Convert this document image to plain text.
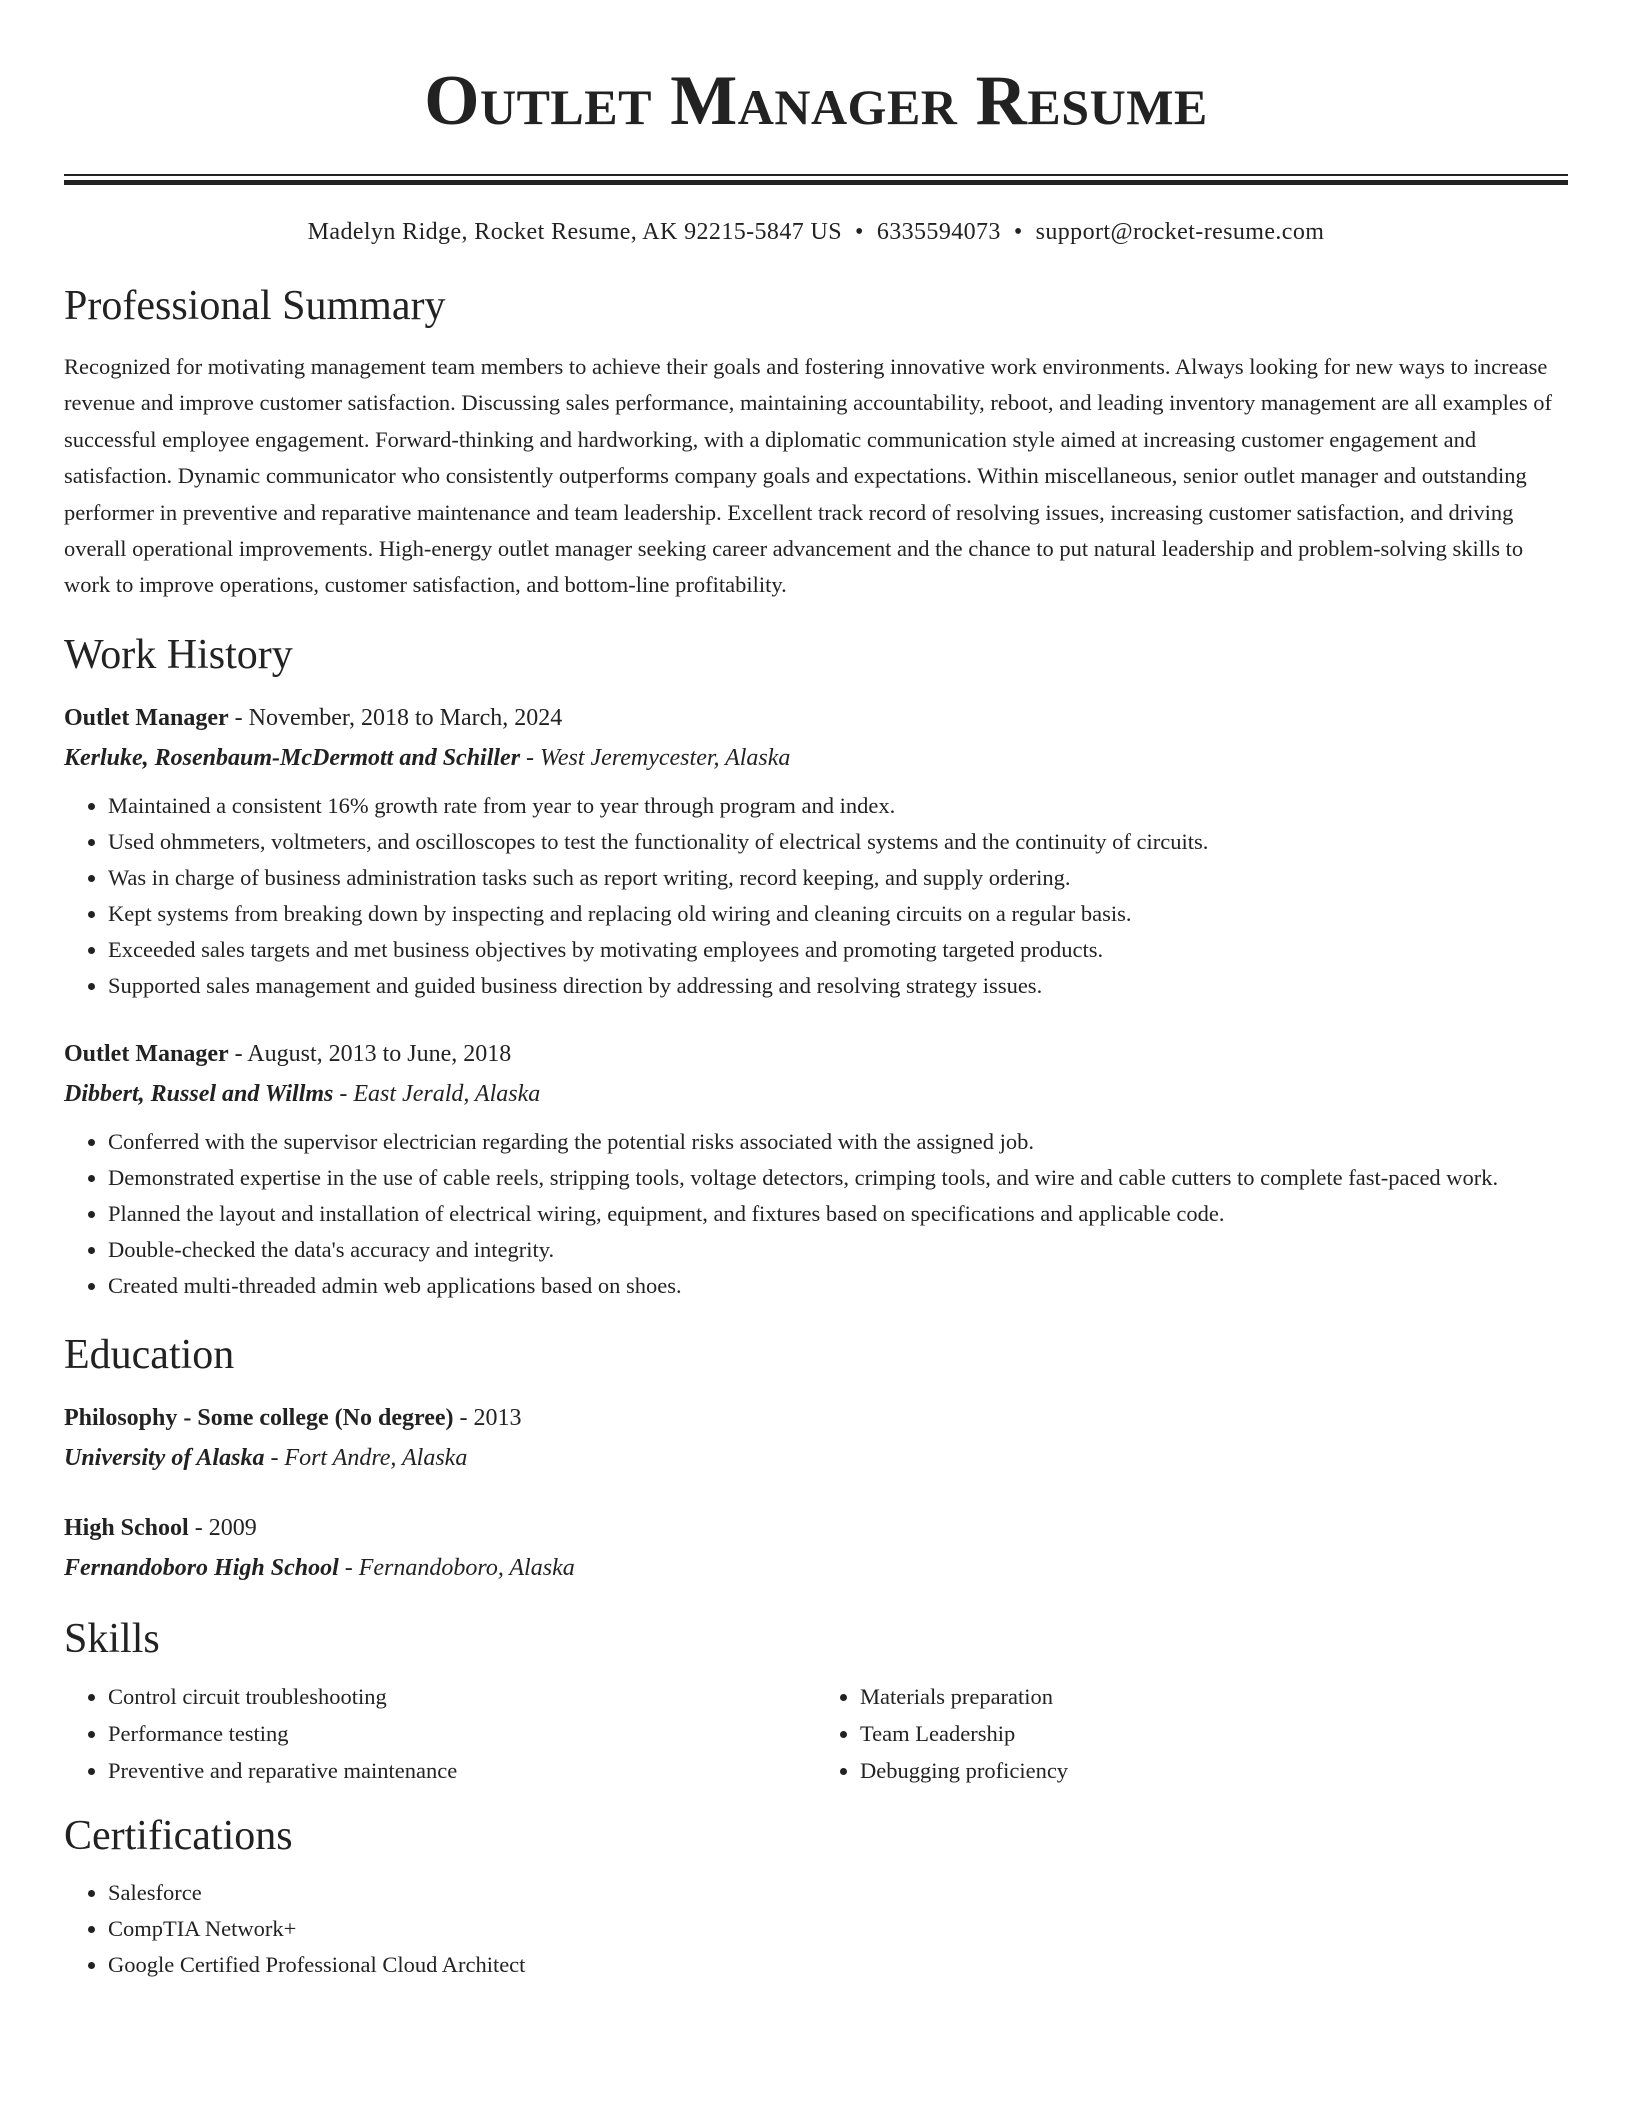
Outlet Manager Resume
Madelyn Ridge, Rocket Resume, AK 92215-5847 US • 6335594073 • support@rocket-resume.com
Professional Summary

Recognized for motivating management team members to achieve their goals and fostering innovative work environments. Always looking for new ways to increase revenue and improve customer satisfaction. Discussing sales performance, maintaining accountability, reboot, and leading inventory management are all examples of successful employee engagement. Forward-thinking and hardworking, with a diplomatic communication style aimed at increasing customer engagement and satisfaction. Dynamic communicator who consistently outperforms company goals and expectations. Within miscellaneous, senior outlet manager and outstanding performer in preventive and reparative maintenance and team leadership. Excellent track record of resolving issues, increasing customer satisfaction, and driving overall operational improvements. High-energy outlet manager seeking career advancement and the chance to put natural leadership and problem-solving skills to work to improve operations, customer satisfaction, and bottom-line profitability.

Work History
Outlet Manager - November, 2018 to March, 2024
Kerluke, Rosenbaum-McDermott and Schiller - West Jeremycester, Alaska
• Maintained a consistent 16% growth rate from year to year through program and index.
• Used ohmmeters, voltmeters, and oscilloscopes to test the functionality of electrical systems and the continuity of circuits.
• Was in charge of business administration tasks such as report writing, record keeping, and supply ordering.
• Kept systems from breaking down by inspecting and replacing old wiring and cleaning circuits on a regular basis.
• Exceeded sales targets and met business objectives by motivating employees and promoting targeted products.
• Supported sales management and guided business direction by addressing and resolving strategy issues.
Outlet Manager - August, 2013 to June, 2018
Dibbert, Russel and Willms - East Jerald, Alaska
• Conferred with the supervisor electrician regarding the potential risks associated with the assigned job.
• Demonstrated expertise in the use of cable reels, stripping tools, voltage detectors, crimping tools, and wire and cable cutters to complete fast-paced work.
• Planned the layout and installation of electrical wiring, equipment, and fixtures based on specifications and applicable code.
• Double-checked the data's accuracy and integrity.
• Created multi-threaded admin web applications based on shoes.
Education
Philosophy - Some college (No degree) - 2013
University of Alaska - Fort Andre, Alaska
High School - 2009
Fernandoboro High School - Fernandoboro, Alaska
Skills
• Control circuit troubleshooting
• Performance testing
• Preventive and reparative maintenance
• Materials preparation
• Team Leadership
• Debugging proficiency
Certifications
• Salesforce
• CompTIA Network+
• Google Certified Professional Cloud Architect
